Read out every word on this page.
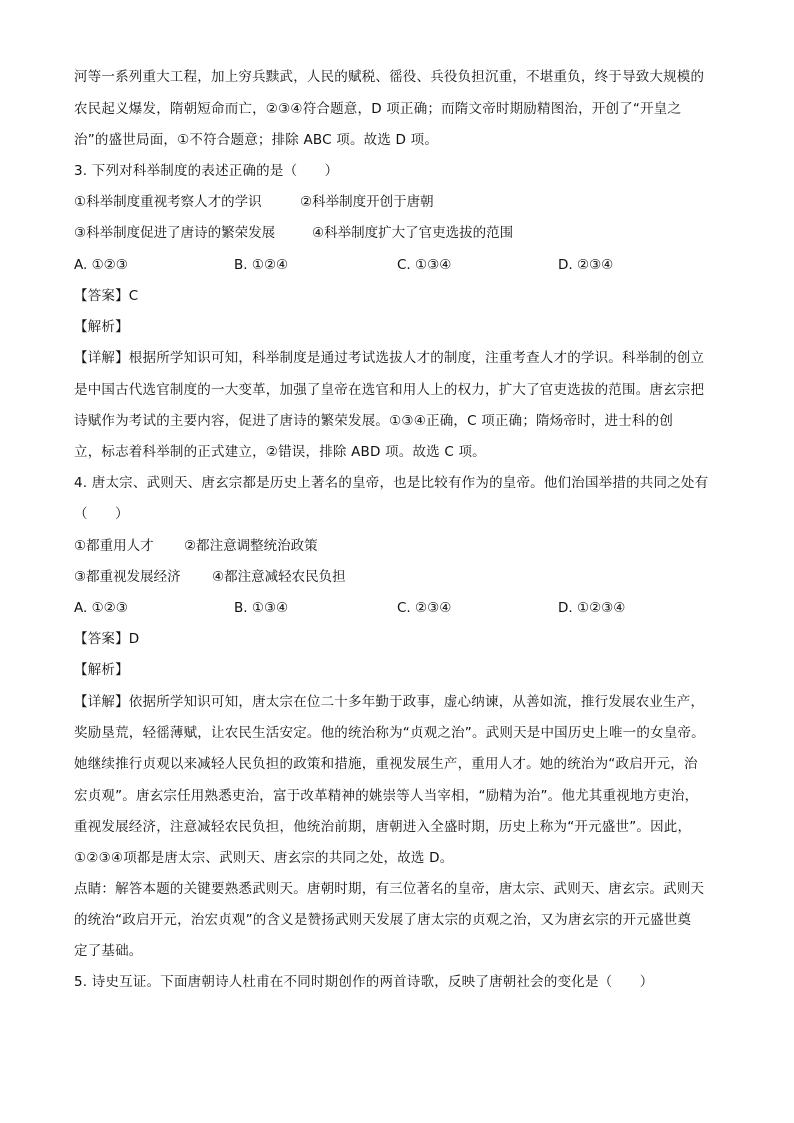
河等一系列重大工程，加上穷兵黩武，人民的赋税、徭役、兵役负担沉重，不堪重负，终于导致大规模的
农民起义爆发，隋朝短命而亡，②③④符合题意，D 项正确；而隋文帝时期励精图治，开创了“开皇之
治”的盛世局面，①不符合题意；排除 ABC 项。故选 D 项。
3. 下列对科举制度的表述正确的是（　　）
①科举制度重视考察人才的学识	②科举制度开创于唐朝
③科举制度促进了唐诗的繁荣发展	④科举制度扩大了官吏选拔的范围
A. ①②③	B. ①②④	C. ①③④	D. ②③④
【答案】C
【解析】
【详解】根据所学知识可知，科举制度是通过考试选拔人才的制度，注重考查人才的学识。科举制的创立
是中国古代选官制度的一大变革，加强了皇帝在选官和用人上的权力，扩大了官吏选拔的范围。唐玄宗把
诗赋作为考试的主要内容，促进了唐诗的繁荣发展。①③④正确，C 项正确；隋炀帝时，进士科的创
立，标志着科举制的正式建立，②错误，排除 ABD 项。故选 C 项。
4. 唐太宗、武则天、唐玄宗都是历史上著名的皇帝，也是比较有作为的皇帝。他们治国举措的共同之处有
（　　）
①都重用人才 ②都注意调整统治政策
③都重视发展经济 ④都注意减轻农民负担
A. ①②③	B. ①③④	C. ②③④	D. ①②③④
【答案】D
【解析】
【详解】依据所学知识可知，唐太宗在位二十多年勤于政事，虚心纳谏，从善如流，推行发展农业生产，
奖励垦荒，轻徭薄赋，让农民生活安定。他的统治称为“贞观之治”。武则天是中国历史上唯一的女皇帝。
她继续推行贞观以来减轻人民负担的政策和措施，重视发展生产，重用人才。她的统治为“政启开元，治
宏贞观”。唐玄宗任用熟悉吏治，富于改革精神的姚崇等人当宰相，“励精为治”。他尤其重视地方吏治，
重视发展经济，注意减轻农民负担，他统治前期，唐朝进入全盛时期，历史上称为“开元盛世”。因此，
①②③④项都是唐太宗、武则天、唐玄宗的共同之处，故选 D。
点睛：解答本题的关键要熟悉武则天。唐朝时期，有三位著名的皇帝，唐太宗、武则天、唐玄宗。武则天
的统治“政启开元，治宏贞观”的含义是赞扬武则天发展了唐太宗的贞观之治，又为唐玄宗的开元盛世奠
定了基础。
5. 诗史互证。下面唐朝诗人杜甫在不同时期创作的两首诗歌，反映了唐朝社会的变化是（　　）
